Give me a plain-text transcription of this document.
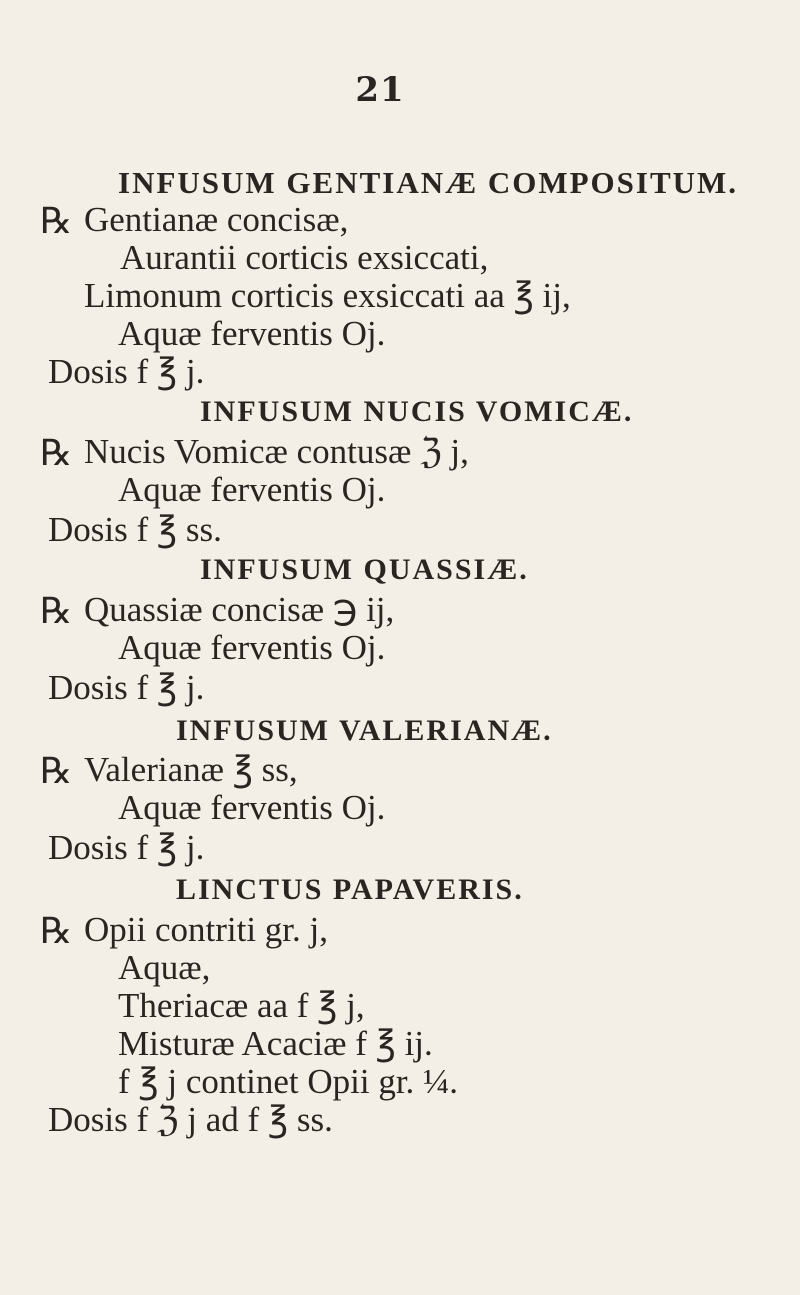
21
INFUSUM GENTIANÆ COMPOSITUM.
℞ Gentianæ concisæ,
Aurantii corticis exsiccati,
Limonum corticis exsiccati aa ℥ ij,
Aquæ ferventis Oj.
Dosis f ℥ j.
INFUSUM NUCIS VOMICÆ.
℞ Nucis Vomicæ contusæ ℨ j,
Aquæ ferventis Oj.
Dosis f ℥ ss.
INFUSUM QUASSIÆ.
℞ Quassiæ concisæ ℈ ij,
Aquæ ferventis Oj.
Dosis f ℥ j.
INFUSUM VALERIANÆ.
℞ Valerianæ ℥ ss,
Aquæ ferventis Oj.
Dosis f ℥ j.
LINCTUS PAPAVERIS.
℞ Opii contriti gr. j,
Aquæ,
Theriacæ aa f ℥ j,
Misturæ Acaciæ f ℥ ij.
f ℥ j continet Opii gr. ¼.
Dosis f ℨ j ad f ℥ ss.
